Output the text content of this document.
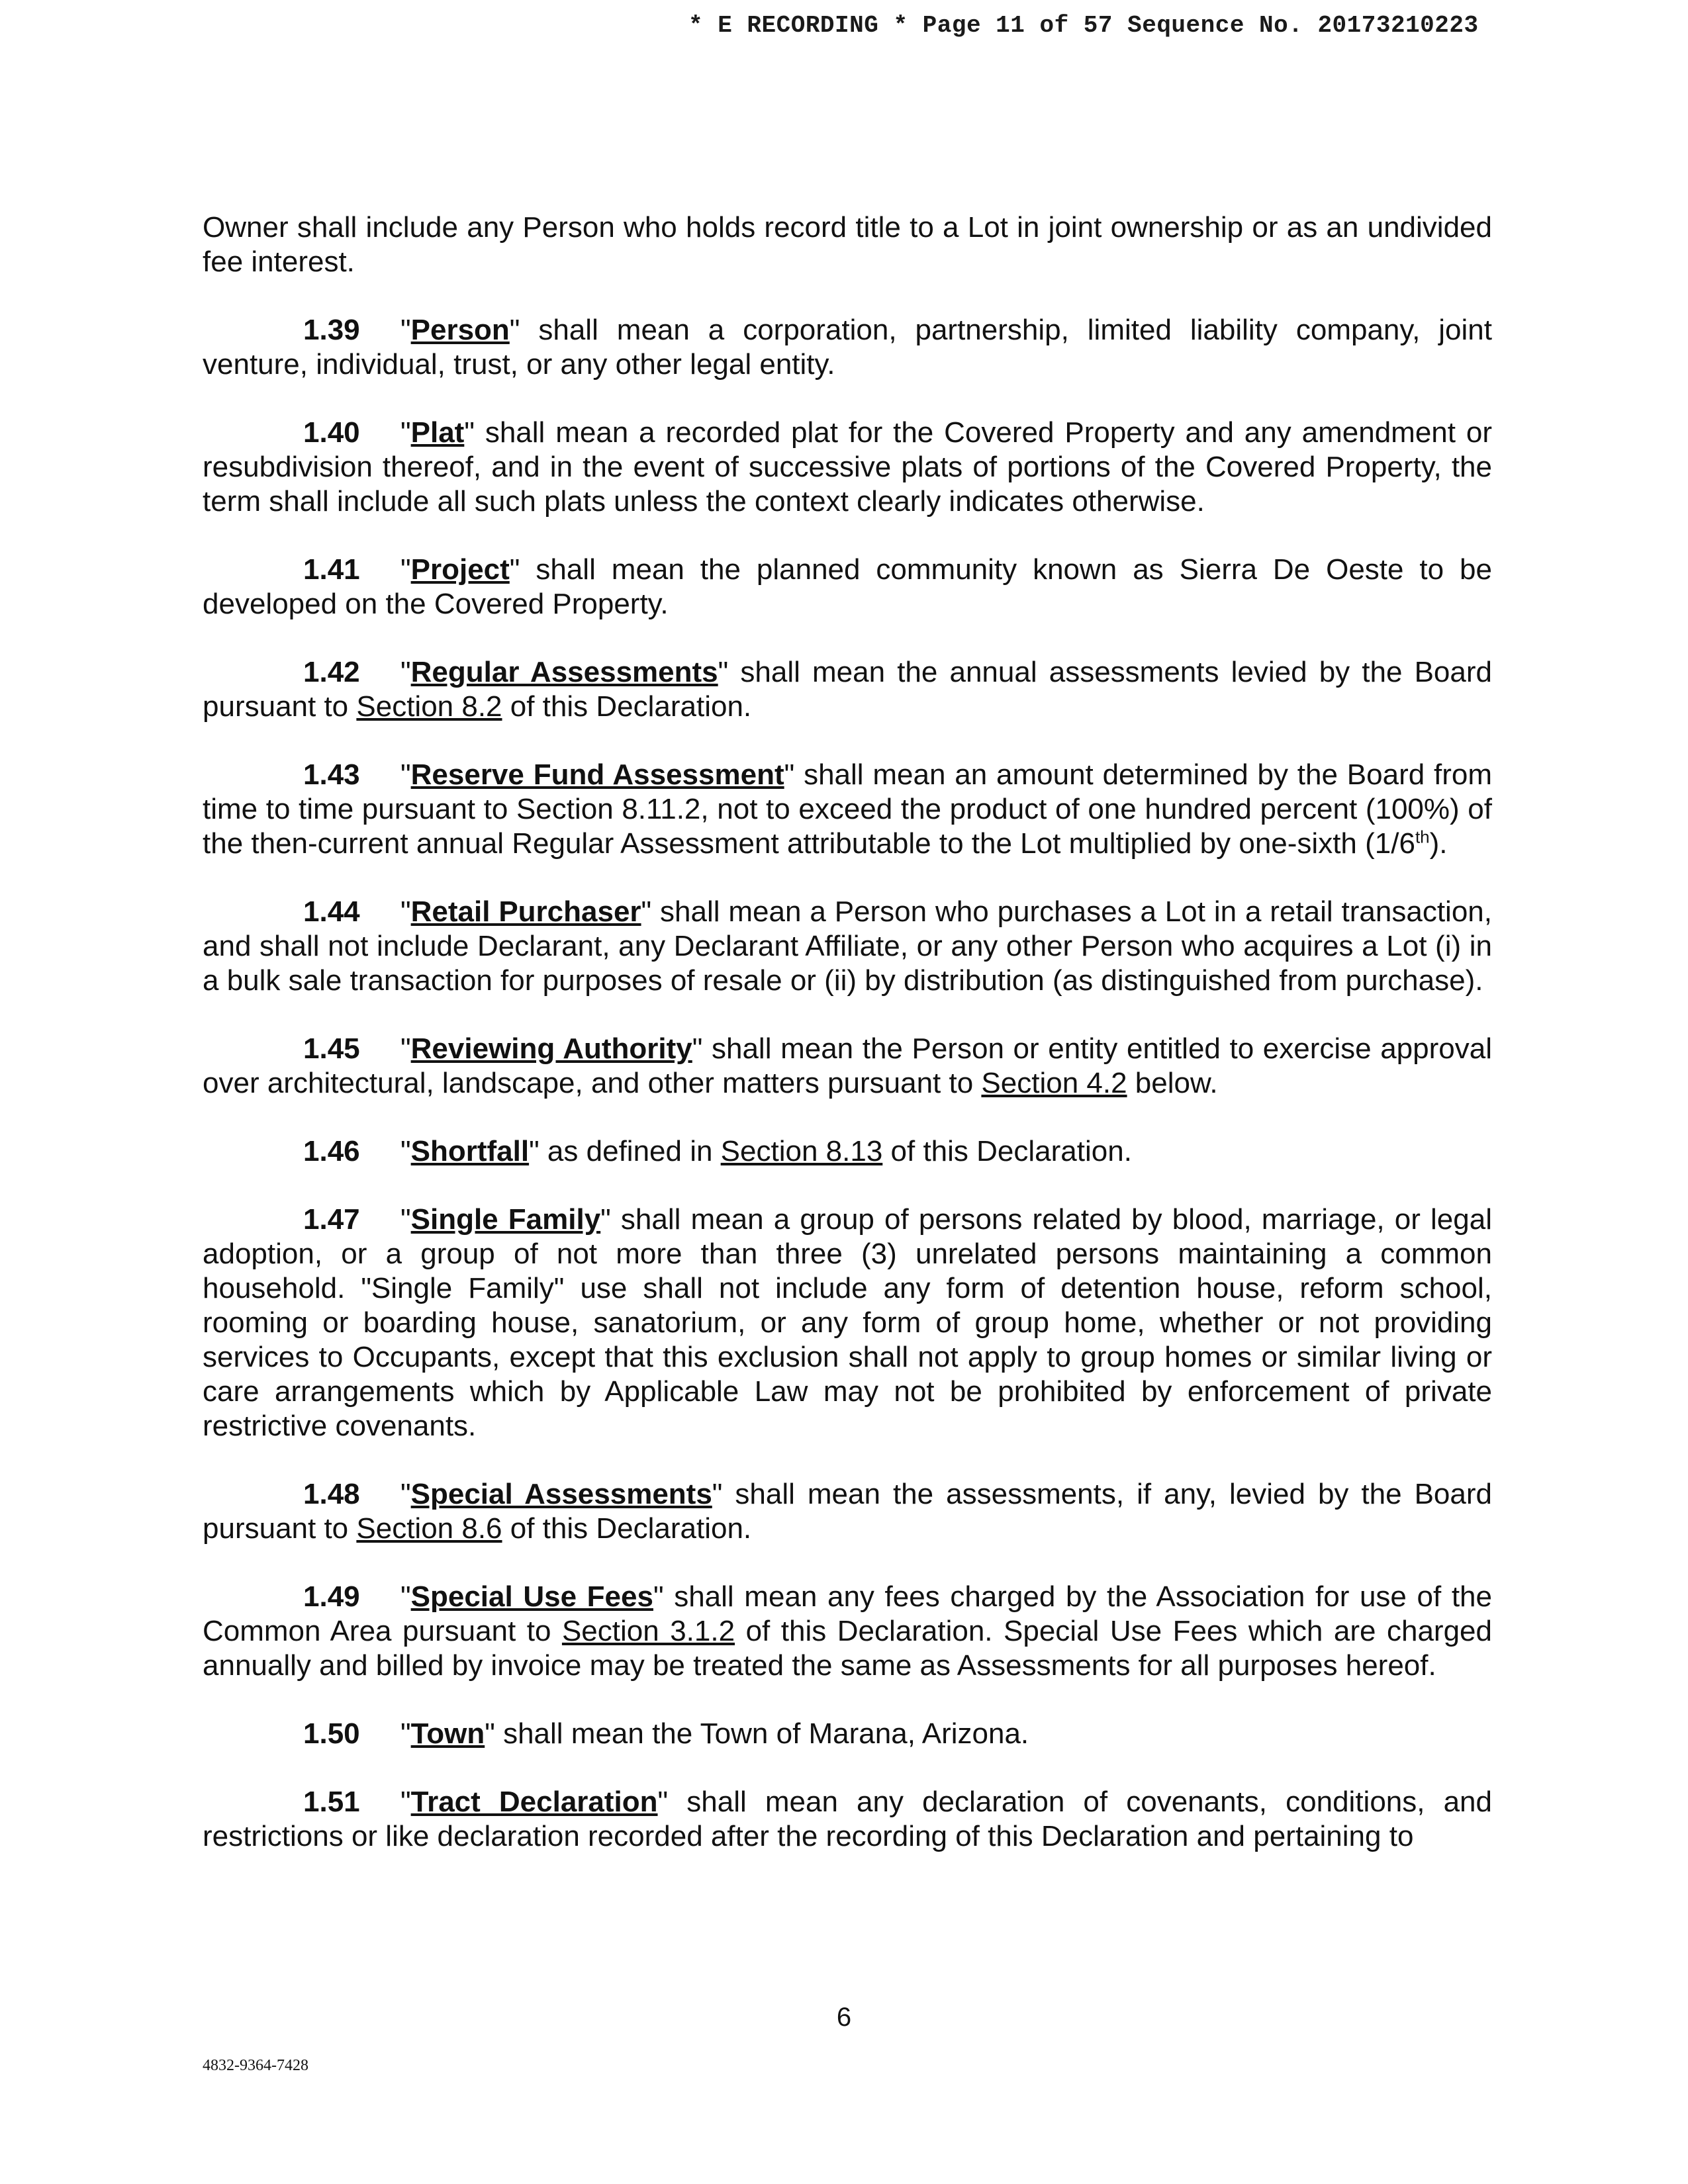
* E RECORDING * Page 11 of 57 Sequence No. 20173210223

Owner shall include any Person who holds record title to a Lot in joint ownership or as an undivided fee interest.

1.39 "Person" shall mean a corporation, partnership, limited liability company, joint venture, individual, trust, or any other legal entity.

1.40 "Plat" shall mean a recorded plat for the Covered Property and any amendment or resubdivision thereof, and in the event of successive plats of portions of the Covered Property, the term shall include all such plats unless the context clearly indicates otherwise.

1.41 "Project" shall mean the planned community known as Sierra De Oeste to be developed on the Covered Property.

1.42 "Regular Assessments" shall mean the annual assessments levied by the Board pursuant to Section 8.2 of this Declaration.

1.43 "Reserve Fund Assessment" shall mean an amount determined by the Board from time to time pursuant to Section 8.11.2, not to exceed the product of one hundred percent (100%) of the then-current annual Regular Assessment attributable to the Lot multiplied by one-sixth (1/6th).

1.44 "Retail Purchaser" shall mean a Person who purchases a Lot in a retail transaction, and shall not include Declarant, any Declarant Affiliate, or any other Person who acquires a Lot (i) in a bulk sale transaction for purposes of resale or (ii) by distribution (as distinguished from purchase).

1.45 "Reviewing Authority" shall mean the Person or entity entitled to exercise approval over architectural, landscape, and other matters pursuant to Section 4.2 below.

1.46 "Shortfall" as defined in Section 8.13 of this Declaration.

1.47 "Single Family" shall mean a group of persons related by blood, marriage, or legal adoption, or a group of not more than three (3) unrelated persons maintaining a common household. "Single Family" use shall not include any form of detention house, reform school, rooming or boarding house, sanatorium, or any form of group home, whether or not providing services to Occupants, except that this exclusion shall not apply to group homes or similar living or care arrangements which by Applicable Law may not be prohibited by enforcement of private restrictive covenants.

1.48 "Special Assessments" shall mean the assessments, if any, levied by the Board pursuant to Section 8.6 of this Declaration.

1.49 "Special Use Fees" shall mean any fees charged by the Association for use of the Common Area pursuant to Section 3.1.2 of this Declaration. Special Use Fees which are charged annually and billed by invoice may be treated the same as Assessments for all purposes hereof.

1.50 "Town" shall mean the Town of Marana, Arizona.

1.51 "Tract Declaration" shall mean any declaration of covenants, conditions, and restrictions or like declaration recorded after the recording of this Declaration and pertaining to

6
4832-9364-7428
